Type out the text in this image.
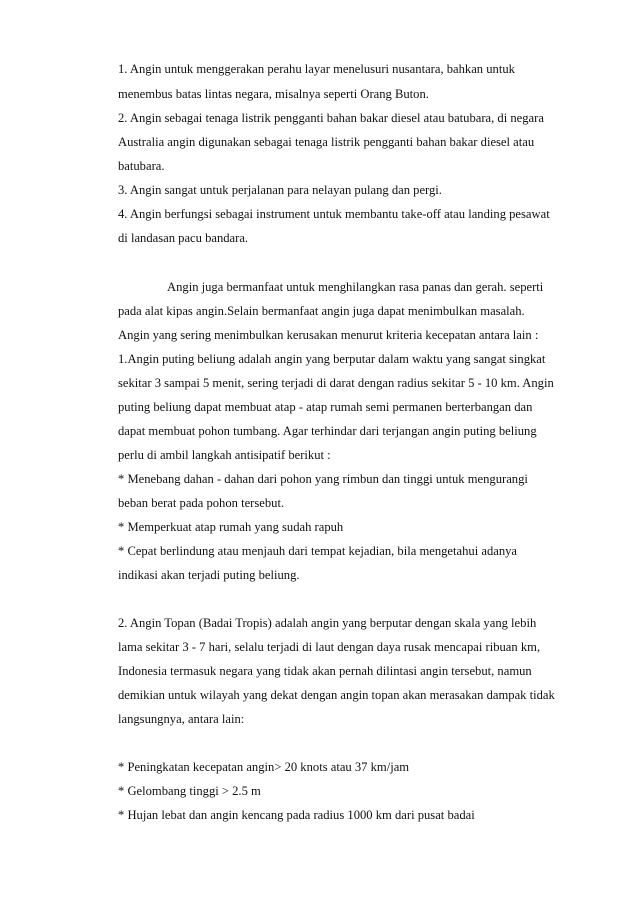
1. Angin untuk menggerakan perahu layar menelusuri nusantara, bahkan untuk
menembus batas lintas negara, misalnya seperti Orang Buton.
2. Angin sebagai tenaga listrik pengganti bahan bakar diesel atau batubara, di negara
Australia angin digunakan sebagai tenaga listrik pengganti bahan bakar diesel atau
batubara.
3. Angin sangat untuk perjalanan para nelayan pulang dan pergi.
4. Angin berfungsi sebagai instrument untuk membantu take-off atau landing pesawat
di landasan pacu bandara.
Angin juga bermanfaat untuk menghilangkan rasa panas dan gerah. seperti
pada alat kipas angin.Selain bermanfaat angin juga dapat menimbulkan masalah.
Angin yang sering menimbulkan kerusakan menurut kriteria kecepatan antara lain :
1.Angin puting beliung adalah angin yang berputar dalam waktu yang sangat singkat
sekitar 3 sampai 5 menit, sering terjadi di darat dengan radius sekitar 5 - 10 km. Angin
puting beliung dapat membuat atap - atap rumah semi permanen berterbangan dan
dapat membuat pohon tumbang. Agar terhindar dari terjangan angin puting beliung
perlu di ambil langkah antisipatif berikut :
* Menebang dahan - dahan dari pohon yang rimbun dan tinggi untuk mengurangi
beban berat pada pohon tersebut.
* Memperkuat atap rumah yang sudah rapuh
* Cepat berlindung atau menjauh dari tempat kejadian, bila mengetahui adanya
indikasi akan terjadi puting beliung.
2. Angin Topan (Badai Tropis) adalah angin yang berputar dengan skala yang lebih
lama sekitar 3 - 7 hari, selalu terjadi di laut dengan daya rusak mencapai ribuan km,
Indonesia termasuk negara yang tidak akan pernah dilintasi angin tersebut, namun
demikian untuk wilayah yang dekat dengan angin topan akan merasakan dampak tidak
langsungnya, antara lain:
* Peningkatan kecepatan angin> 20 knots atau 37 km/jam
* Gelombang tinggi > 2.5 m
* Hujan lebat dan angin kencang pada radius 1000 km dari pusat badai
